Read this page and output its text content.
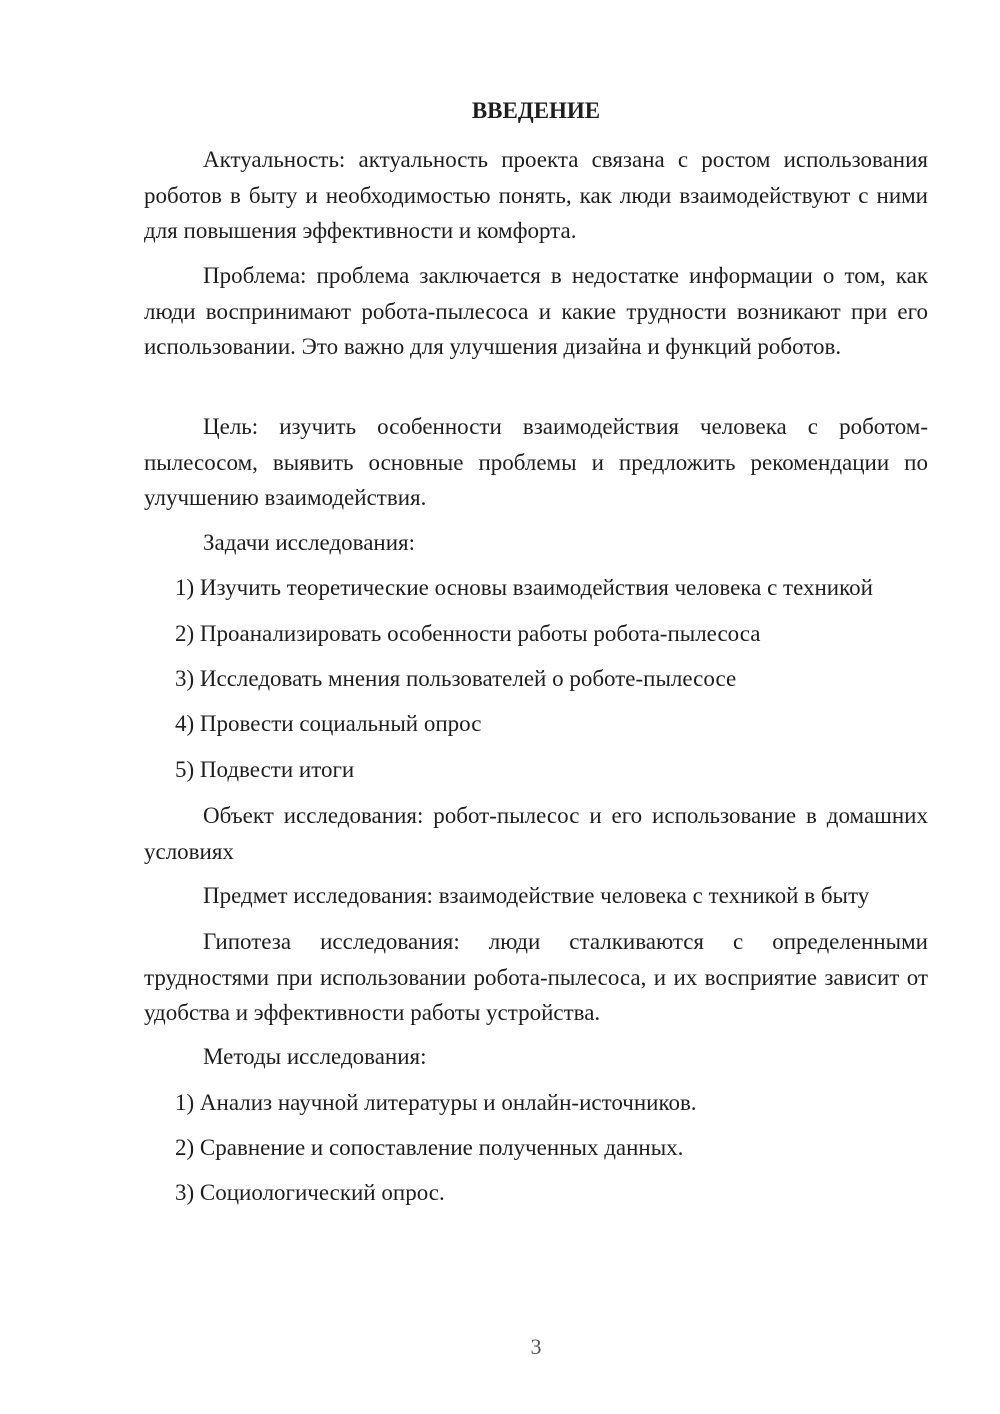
ВВЕДЕНИЕ

Актуальность: актуальность проекта связана с ростом использования роботов в быту и необходимостью понять, как люди взаимодействуют с ними для повышения эффективности и комфорта.

Проблема: проблема заключается в недостатке информации о том, как люди воспринимают робота-пылесоса и какие трудности возникают при его использовании. Это важно для улучшения дизайна и функций роботов.

Цель: изучить особенности взаимодействия человека с роботом-пылесосом, выявить основные проблемы и предложить рекомендации по улучшению взаимодействия.

Задачи исследования:

1) Изучить теоретические основы взаимодействия человека с техникой

2) Проанализировать особенности работы робота-пылесоса

3) Исследовать мнения пользователей о роботе-пылесосе

4) Провести социальный опрос

5) Подвести итоги

Объект исследования: робот-пылесос и его использование в домашних условиях

Предмет исследования: взаимодействие человека с техникой в быту

Гипотеза исследования: люди сталкиваются с определенными трудностями при использовании робота-пылесоса, и их восприятие зависит от удобства и эффективности работы устройства.

Методы исследования:

1) Анализ научной литературы и онлайн-источников.

2) Сравнение и сопоставление полученных данных.

3) Социологический опрос.

3
